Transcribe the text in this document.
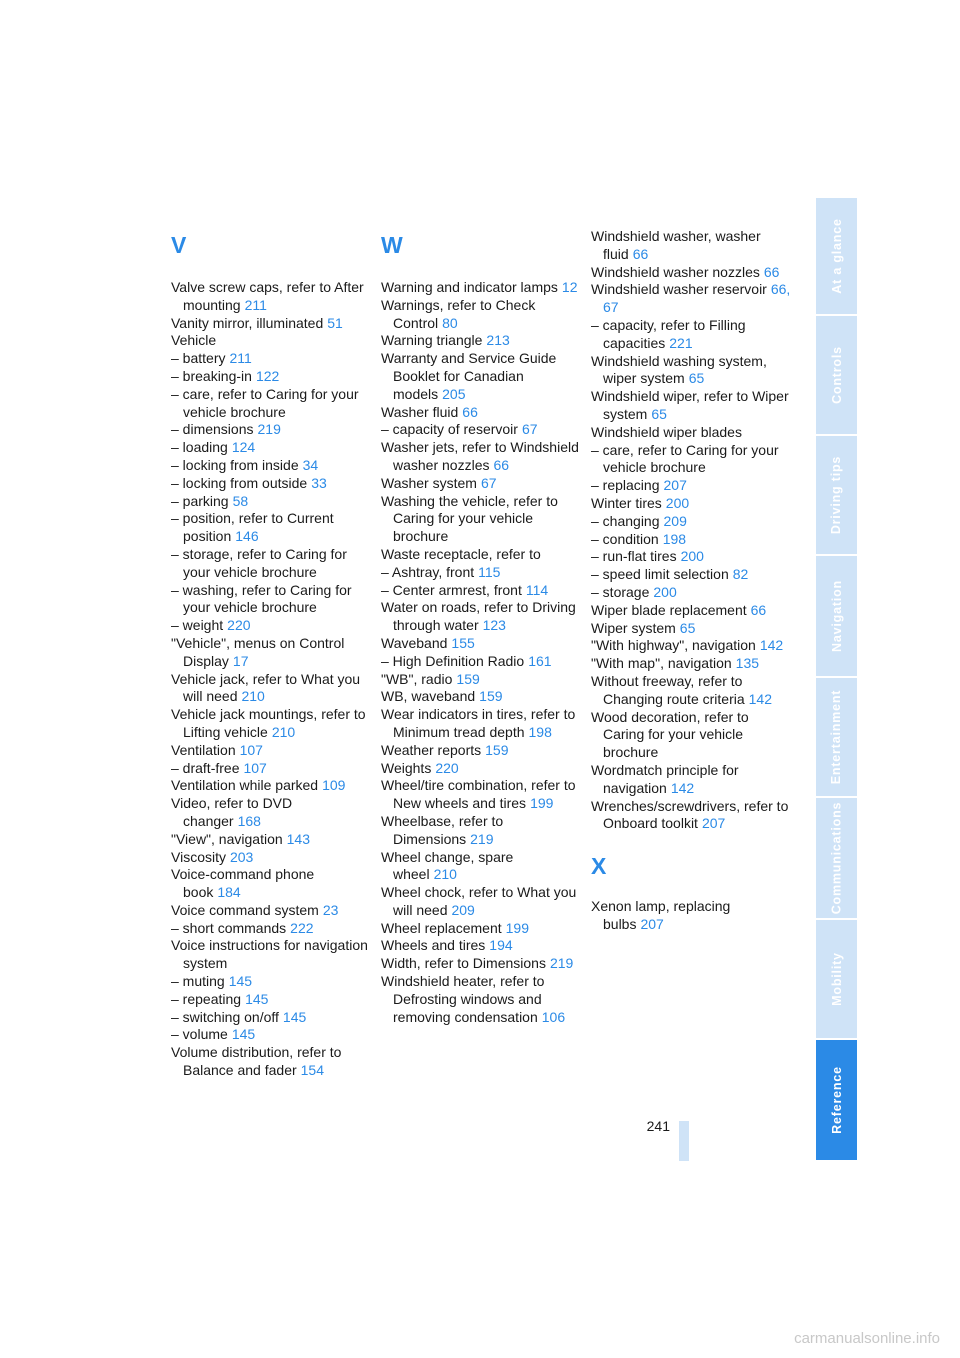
V
Valve screw caps, refer to After mounting 211
Vanity mirror, illuminated 51
Vehicle
– battery 211
– breaking-in 122
– care, refer to Caring for your vehicle brochure
– dimensions 219
– loading 124
– locking from inside 34
– locking from outside 33
– parking 58
– position, refer to Current position 146
– storage, refer to Caring for your vehicle brochure
– washing, refer to Caring for your vehicle brochure
– weight 220
"Vehicle", menus on Control Display 17
Vehicle jack, refer to What you will need 210
Vehicle jack mountings, refer to Lifting vehicle 210
Ventilation 107
– draft-free 107
Ventilation while parked 109
Video, refer to DVD changer 168
"View", navigation 143
Viscosity 203
Voice-command phone book 184
Voice command system 23
– short commands 222
Voice instructions for navigation system
– muting 145
– repeating 145
– switching on/off 145
– volume 145
Volume distribution, refer to Balance and fader 154
W
Warning and indicator lamps 12
Warnings, refer to Check Control 80
Warning triangle 213
Warranty and Service Guide Booklet for Canadian models 205
Washer fluid 66
– capacity of reservoir 67
Washer jets, refer to Windshield washer nozzles 66
Washer system 67
Washing the vehicle, refer to Caring for your vehicle brochure
Waste receptacle, refer to
– Ashtray, front 115
– Center armrest, front 114
Water on roads, refer to Driving through water 123
Waveband 155
– High Definition Radio 161
"WB", radio 159
WB, waveband 159
Wear indicators in tires, refer to Minimum tread depth 198
Weather reports 159
Weights 220
Wheel/tire combination, refer to New wheels and tires 199
Wheelbase, refer to Dimensions 219
Wheel change, spare wheel 210
Wheel chock, refer to What you will need 209
Wheel replacement 199
Wheels and tires 194
Width, refer to Dimensions 219
Windshield heater, refer to Defrosting windows and removing condensation 106
Windshield washer, washer fluid 66
Windshield washer nozzles 66
Windshield washer reservoir 66, 67
– capacity, refer to Filling capacities 221
Windshield washing system, wiper system 65
Windshield wiper, refer to Wiper system 65
Windshield wiper blades
– care, refer to Caring for your vehicle brochure
– replacing 207
Winter tires 200
– changing 209
– condition 198
– run-flat tires 200
– speed limit selection 82
– storage 200
Wiper blade replacement 66
Wiper system 65
"With highway", navigation 142
"With map", navigation 135
Without freeway, refer to Changing route criteria 142
Wood decoration, refer to Caring for your vehicle brochure
Wordmatch principle for navigation 142
Wrenches/screwdrivers, refer to Onboard toolkit 207
X
Xenon lamp, replacing bulbs 207
241
At a glance
Controls
Driving tips
Navigation
Entertainment
Communications
Mobility
Reference
carmanualsonline.info
